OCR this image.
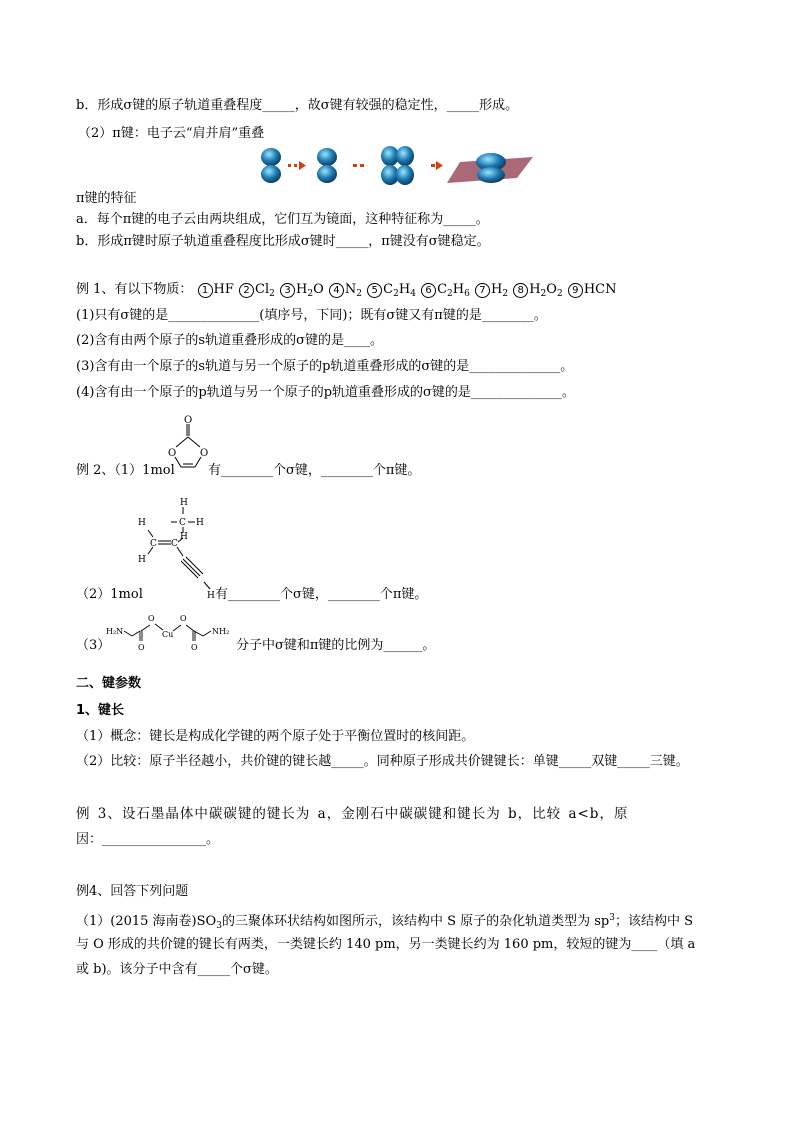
b．形成σ键的原子轨道重叠程度_____，故σ键有较强的稳定性，_____形成。
（2）π键：电子云“肩并肩”重叠
π键的特征
a．每个π键的电子云由两块组成，它们互为镜面，这种特征称为_____。
b．形成π键时原子轨道重叠程度比形成σ键时_____，π键没有σ键稳定。
例 1、有以下物质： 1 HF 2 $Cl_2$ 3 $H_2O$ 4 $N_2$ 5 $C_2H_4$ 6 $C_2H_6$ 7 $H_2$ 8 $H_2O_2$ 9 HCN
(1)只有σ键的是______________(填序号，下同)；既有σ键又有π键的是________。
(2)含有由两个原子的s轨道重叠形成的σ键的是____。
(3)含有由一个原子的s轨道与另一个原子的p轨道重叠形成的σ键的是______________。
(4)含有由一个原子的p轨道与另一个原子的p轨道重叠形成的σ键的是______________。
例 2、（1）1mol
O
O O
有________个σ键，________个π键。
H
H
C
H
H
C C
H
H
（2）1mol	有________个σ键，________个π键。
（3）
H₂N
O
O
Cu
O
O
NH₂
分子中σ键和π键的比例为______。
二、键参数
1、键长
（1）概念：键长是构成化学键的两个原子处于平衡位置时的核间距。
（2）比较：原子半径越小，共价键的键长越_____。同种原子形成共价键键长：单键_____双键_____三键。
例 3、设石墨晶体中碳碳键的键长为 a，金刚石中碳碳键和键长为 b，比较 a<b，原
因：________________。
例4、回答下列问题
（1）(2015 海南卷)$SO_3$的三聚体环状结构如图所示，该结构中 S 原子的杂化轨道类型为 $sp^3$；该结构中 S
与 O 形成的共价键的键长有两类，一类键长约 140 pm，另一类键长约为 160 pm，较短的键为____（填 a
或 b)。该分子中含有_____个σ键。
